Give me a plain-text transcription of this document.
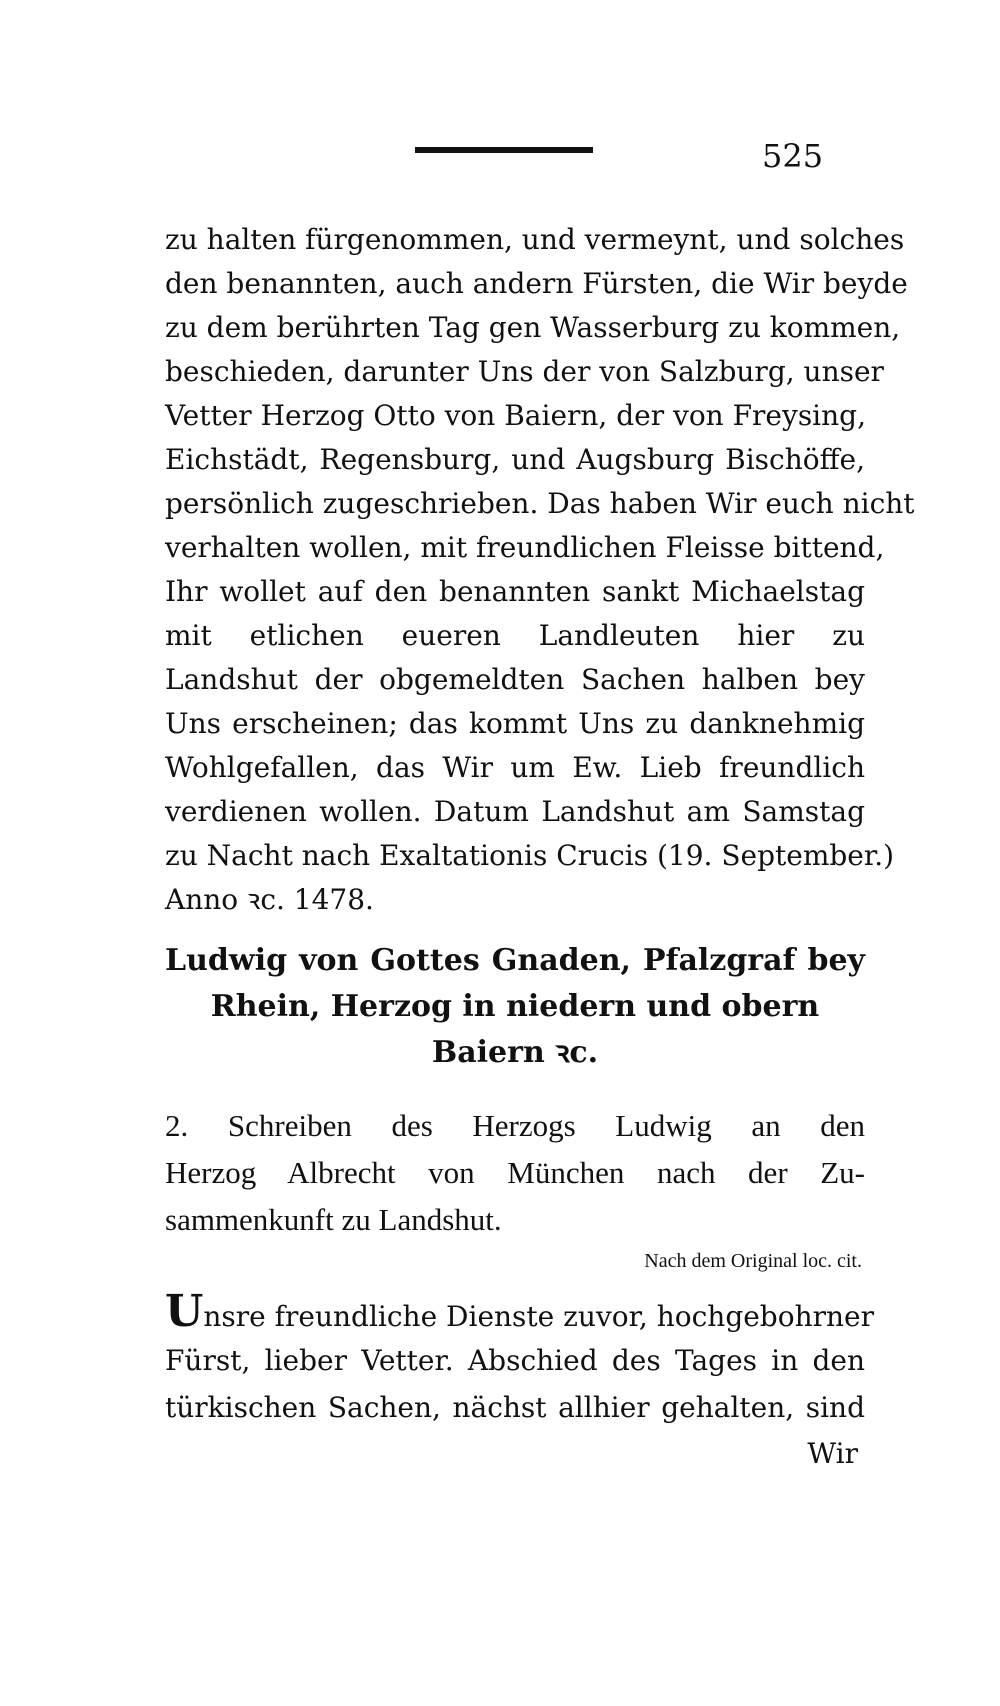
525
zu halten fürgenommen, und vermeynt, und solches
den benannten, auch andern Fürsten, die Wir beyde
zu dem berührten Tag gen Wasserburg zu kommen,
beschieden, darunter Uns der von Salzburg, unser
Vetter Herzog Otto von Baiern, der von Freysing,
Eichstädt, Regensburg, und Augsburg Bischöffe,
persönlich zugeschrieben. Das haben Wir euch nicht
verhalten wollen, mit freundlichen Fleisse bittend,
Ihr wollet auf den benannten sankt Michaelstag
mit etlichen eueren Landleuten hier zu
Landshut der obgemeldten Sachen halben bey
Uns erscheinen; das kommt Uns zu danknehmig
Wohlgefallen, das Wir um Ew. Lieb freundlich
verdienen wollen. Datum Landshut am Samstag
zu Nacht nach Exaltationis Crucis (19. September.)
Anno ꝛc. 1478.
Ludwig von Gottes Gnaden, Pfalzgraf bey
Rhein, Herzog in niedern und obern
Baiern ꝛc.
2. Schreiben des Herzogs Ludwig an den
Herzog Albrecht von München nach der Zu-
sammenkunft zu Landshut.
Nach dem Original loc. cit.
Unsre freundliche Dienste zuvor, hochgebohrner
Fürst, lieber Vetter. Abschied des Tages in den
türkischen Sachen, nächst allhier gehalten, sind
Wir
